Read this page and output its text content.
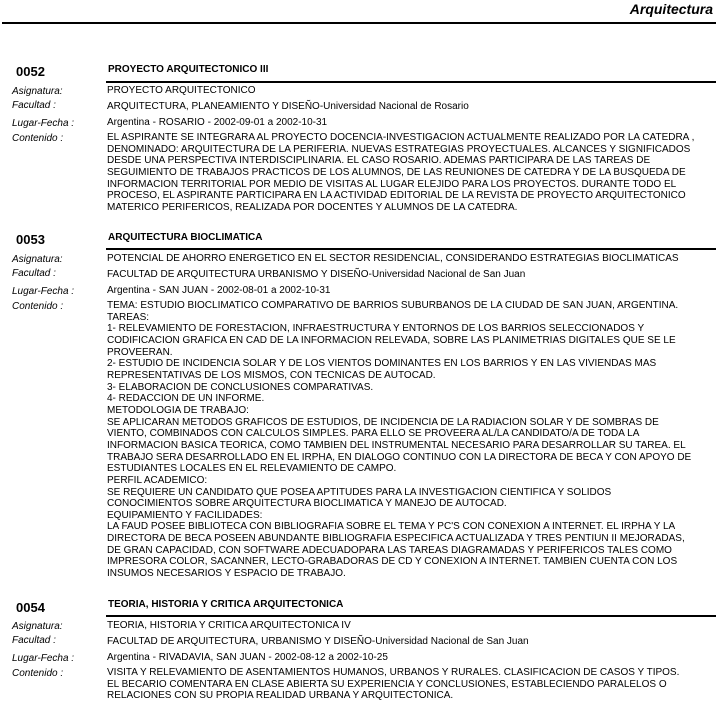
Arquitectura
0052	PROYECTO ARQUITECTONICO III
Asignatura:	PROYECTO ARQUITECTONICO
Facultad :	ARQUITECTURA, PLANEAMIENTO Y DISEÑO-Universidad Nacional de Rosario
Lugar-Fecha :	Argentina - ROSARIO - 2002-09-01 a 2002-10-31
Contenido :	EL ASPIRANTE SE INTEGRARA AL PROYECTO DOCENCIA-INVESTIGACION ACTUALMENTE REALIZADO POR LA CATEDRA ,
DENOMINADO: ARQUITECTURA DE LA PERIFERIA. NUEVAS ESTRATEGIAS PROYECTUALES. ALCANCES Y SIGNIFICADOS
DESDE UNA PERSPECTIVA INTERDISCIPLINARIA. EL CASO ROSARIO. ADEMAS PARTICIPARA DE LAS TAREAS DE
SEGUIMIENTO DE TRABAJOS PRACTICOS DE LOS ALUMNOS, DE LAS REUNIONES DE CATEDRA Y DE LA BUSQUEDA DE
INFORMACION TERRITORIAL POR MEDIO DE VISITAS AL LUGAR ELEJIDO PARA LOS PROYECTOS. DURANTE TODO EL
PROCESO, EL ASPIRANTE PARTICIPARA EN LA ACTIVIDAD EDITORIAL DE LA REVISTA DE PROYECTO ARQUITECTONICO
MATERICO PERIFERICOS, REALIZADA POR DOCENTES Y ALUMNOS DE LA CATEDRA.
0053	ARQUITECTURA BIOCLIMATICA
Asignatura:	POTENCIAL DE AHORRO ENERGETICO EN EL SECTOR RESIDENCIAL, CONSIDERANDO ESTRATEGIAS BIOCLIMATICAS
Facultad :	FACULTAD DE ARQUITECTURA URBANISMO Y DISEÑO-Universidad Nacional de San Juan
Lugar-Fecha :	Argentina - SAN JUAN - 2002-08-01 a 2002-10-31
Contenido :	TEMA: ESTUDIO BIOCLIMATICO COMPARATIVO DE BARRIOS SUBURBANOS DE LA CIUDAD DE SAN JUAN, ARGENTINA.
TAREAS:
1- RELEVAMIENTO DE FORESTACION, INFRAESTRUCTURA Y ENTORNOS DE LOS BARRIOS SELECCIONADOS Y
CODIFICACION GRAFICA EN CAD DE LA INFORMACION RELEVADA, SOBRE LAS PLANIMETRIAS DIGITALES QUE SE LE
PROVEERAN.
2- ESTUDIO DE INCIDENCIA SOLAR Y DE LOS VIENTOS DOMINANTES EN LOS BARRIOS Y EN LAS VIVIENDAS MAS
REPRESENTATIVAS DE LOS MISMOS, CON TECNICAS DE AUTOCAD.
3- ELABORACION DE CONCLUSIONES COMPARATIVAS.
4- REDACCION DE UN INFORME.
METODOLOGIA DE TRABAJO:
SE APLICARAN METODOS GRAFICOS DE ESTUDIOS, DE INCIDENCIA DE LA RADIACION SOLAR Y DE SOMBRAS DE
VIENTO, COMBINADOS CON CALCULOS SIMPLES. PARA ELLO SE PROVEERA AL/LA CANDIDATO/A DE TODA LA
INFORMACION BASICA TEORICA, COMO TAMBIEN DEL INSTRUMENTAL NECESARIO PARA DESARROLLAR SU TAREA. EL
TRABAJO SERA DESARROLLADO EN EL IRPHA, EN DIALOGO CONTINUO CON LA DIRECTORA DE BECA Y CON APOYO DE
ESTUDIANTES LOCALES EN EL RELEVAMIENTO DE CAMPO.
PERFIL ACADEMICO:
SE REQUIERE UN CANDIDATO QUE POSEA APTITUDES PARA LA INVESTIGACION CIENTIFICA Y SOLIDOS
CONOCIMIENTOS SOBRE ARQUITECTURA BIOCLIMATICA Y MANEJO DE AUTOCAD.
EQUIPAMIENTO Y FACILIDADES:
LA FAUD POSEE BIBLIOTECA CON BIBLIOGRAFIA SOBRE EL TEMA Y PC'S CON CONEXION A INTERNET. EL IRPHA Y LA
DIRECTORA DE BECA POSEEN ABUNDANTE BIBLIOGRAFIA ESPECIFICA ACTUALIZADA Y TRES PENTIUN II MEJORADAS,
DE GRAN CAPACIDAD, CON SOFTWARE ADECUADOPARA LAS TAREAS DIAGRAMADAS Y PERIFERICOS TALES COMO
IMPRESORA COLOR, SACANNER, LECTO-GRABADORAS DE CD Y CONEXION A INTERNET. TAMBIEN CUENTA CON LOS
INSUMOS NECESARIOS Y ESPACIO DE TRABAJO.
0054	TEORIA, HISTORIA Y CRITICA ARQUITECTONICA
Asignatura:	TEORIA, HISTORIA Y CRITICA ARQUITECTONICA IV
Facultad :	FACULTAD DE ARQUITECTURA, URBANISMO Y DISEÑO-Universidad Nacional de San Juan
Lugar-Fecha :	Argentina - RIVADAVIA, SAN JUAN - 2002-08-12 a 2002-10-25
Contenido :	VISITA Y RELEVAMIENTO DE ASENTAMIENTOS HUMANOS, URBANOS Y RURALES. CLASIFICACION DE CASOS Y TIPOS.
EL BECARIO COMENTARA EN CLASE ABIERTA SU EXPERIENCIA Y CONCLUSIONES, ESTABLECIENDO PARALELOS O
RELACIONES CON SU PROPIA REALIDAD URBANA Y ARQUITECTONICA.
